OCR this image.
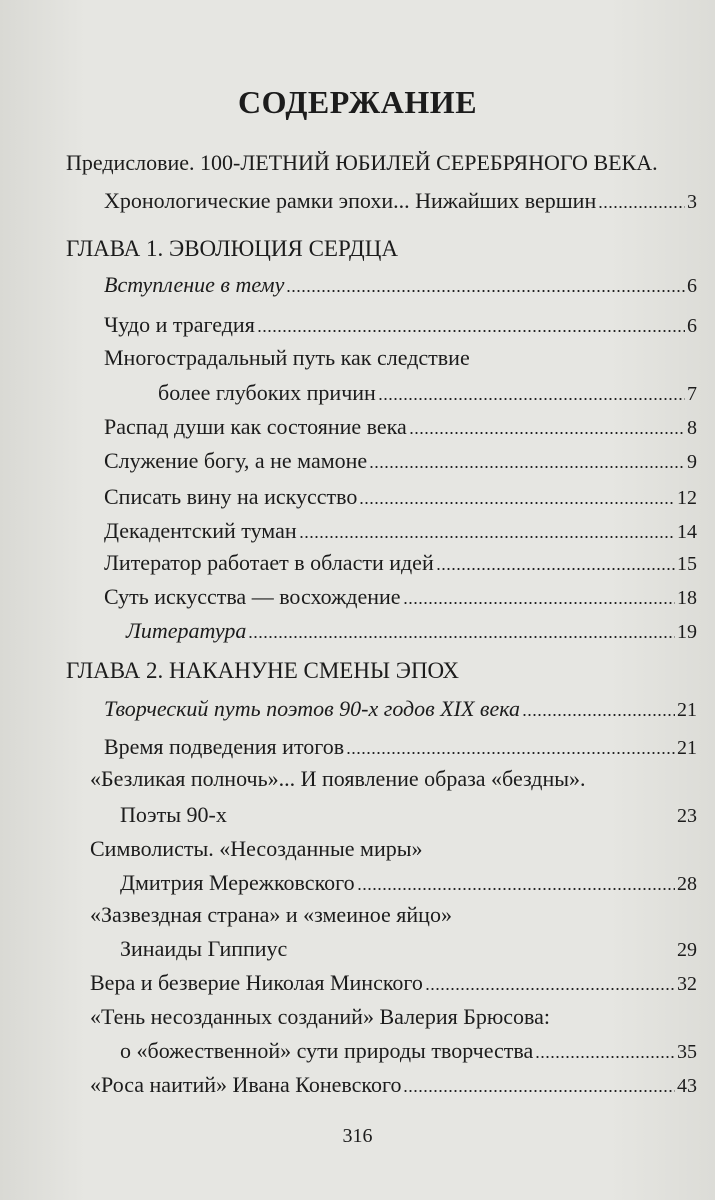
СОДЕРЖАНИЕ
Предисловие. 100-ЛЕТНИЙ ЮБИЛЕЙ СЕРЕБРЯНОГО ВЕКА.
Хронологические рамки эпохи... Нижайших вершин	3
ГЛАВА 1. ЭВОЛЮЦИЯ СЕРДЦА
Вступление в тему	6
Чудо и трагедия	6
Многострадальный путь как следствие
более глубоких причин	7
Распад души как состояние века	8
Служение богу, а не мамоне	9
Списать вину на искусство	12
Декадентский туман	14
Литератор работает в области идей	15
Суть искусства — восхождение	18
Литература	19
ГЛАВА 2. НАКАНУНЕ СМЕНЫ ЭПОХ
Творческий путь поэтов 90-х годов XIX века	21
Время подведения итогов	21
«Безликая полночь»... И появление образа «бездны».
Поэты 90-х	23
Символисты. «Несозданные миры»
Дмитрия Мережковского	28
«Зазвездная страна» и «змеиное яйцо»
Зинаиды Гиппиус	29
Вера и безверие Николая Минского	32
«Тень несозданных созданий» Валерия Брюсова:
о «божественной» сути природы творчества	35
«Роса наитий» Ивана Коневского	43
316
